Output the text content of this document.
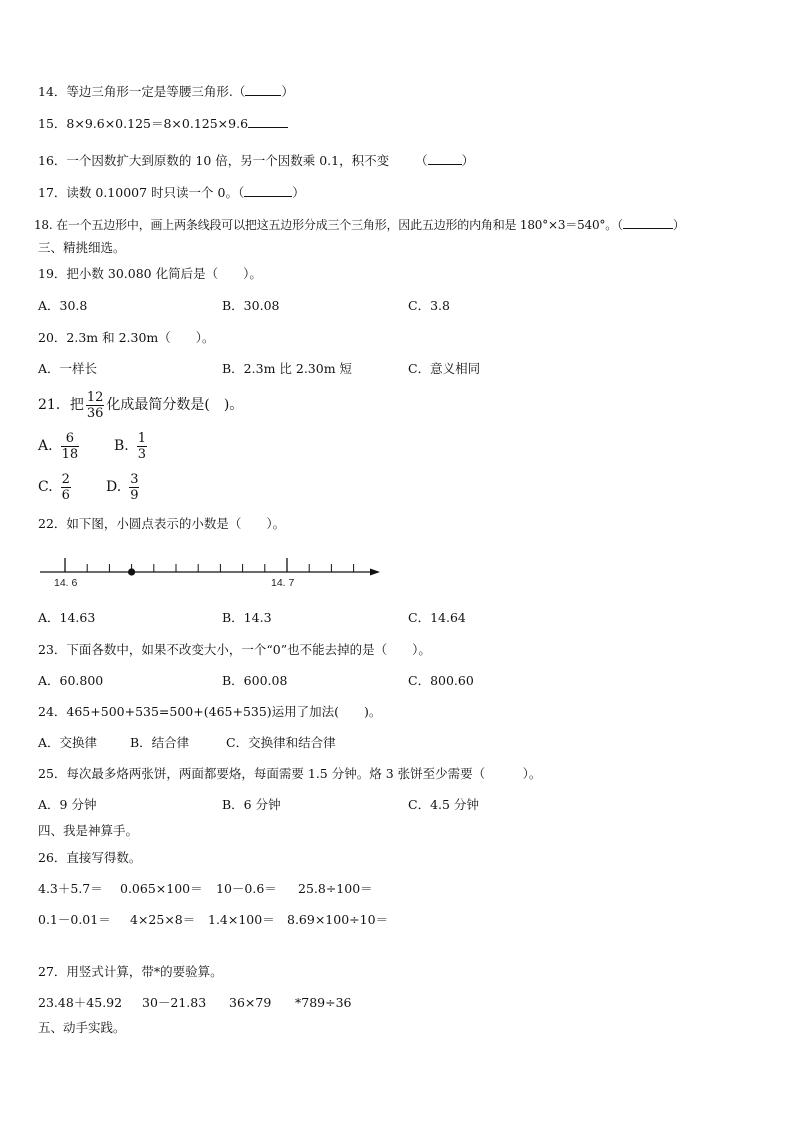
14．等边三角形一定是等腰三角形.（	）
15．8×9.6×0.125＝8×0.125×9.6
16．一个因数扩大到原数的 10 倍，另一个因数乘 0.1，积不变 （	）
17．读数 0.10007 时只读一个 0。（	）
18. 在一个五边形中，画上两条线段可以把这五边形分成三个三角形，因此五边形的内角和是 180°×3＝540°。（	）
三、精挑细选。
19．把小数 30.080 化简后是（　　）。
A．30.8	B．30.08	C．3.8
20．2.3m 和 2.30m（　　）。
A．一样长	B．2.3m 比 2.30m 短	C．意义相同
21．把 $\frac{12}{36}$ 化成最简分数是(　)。
A. $\frac{6}{18} B$. $\frac{1}{3}$
C. $\frac{2}{6}$	D. $\frac{3}{9}$
22．如下图，小圆点表示的小数是（　　）。
14. 6	14. 7
A．14.63	B．14.3	C．14.64
23．下面各数中，如果不改变大小，一个“0”也不能去掉的是（　　）。
A．60.800	B．600.08	C．800.60
24．465+500+535=500+(465+535)运用了加法(　　)。
A．交换律	B．结合律	C．交换律和结合律
25．每次最多烙两张饼，两面都要烙，每面需要 1.5 分钟。烙 3 张饼至少需要（　　　）。
A．9 分钟	B．6 分钟	C．4.5 分钟
四、我是神算手。
26．直接写得数。
4.3＋5.7＝ 0.065×100＝ 10－0.6＝ 25.8÷100＝
0.1－0.01＝ 4×25×8＝ 1.4×100＝ 8.69×100÷10＝
27．用竖式计算，带*的要验算。
23.48＋45.92 30－21.83 36×79 *789÷36
五、动手实践。
